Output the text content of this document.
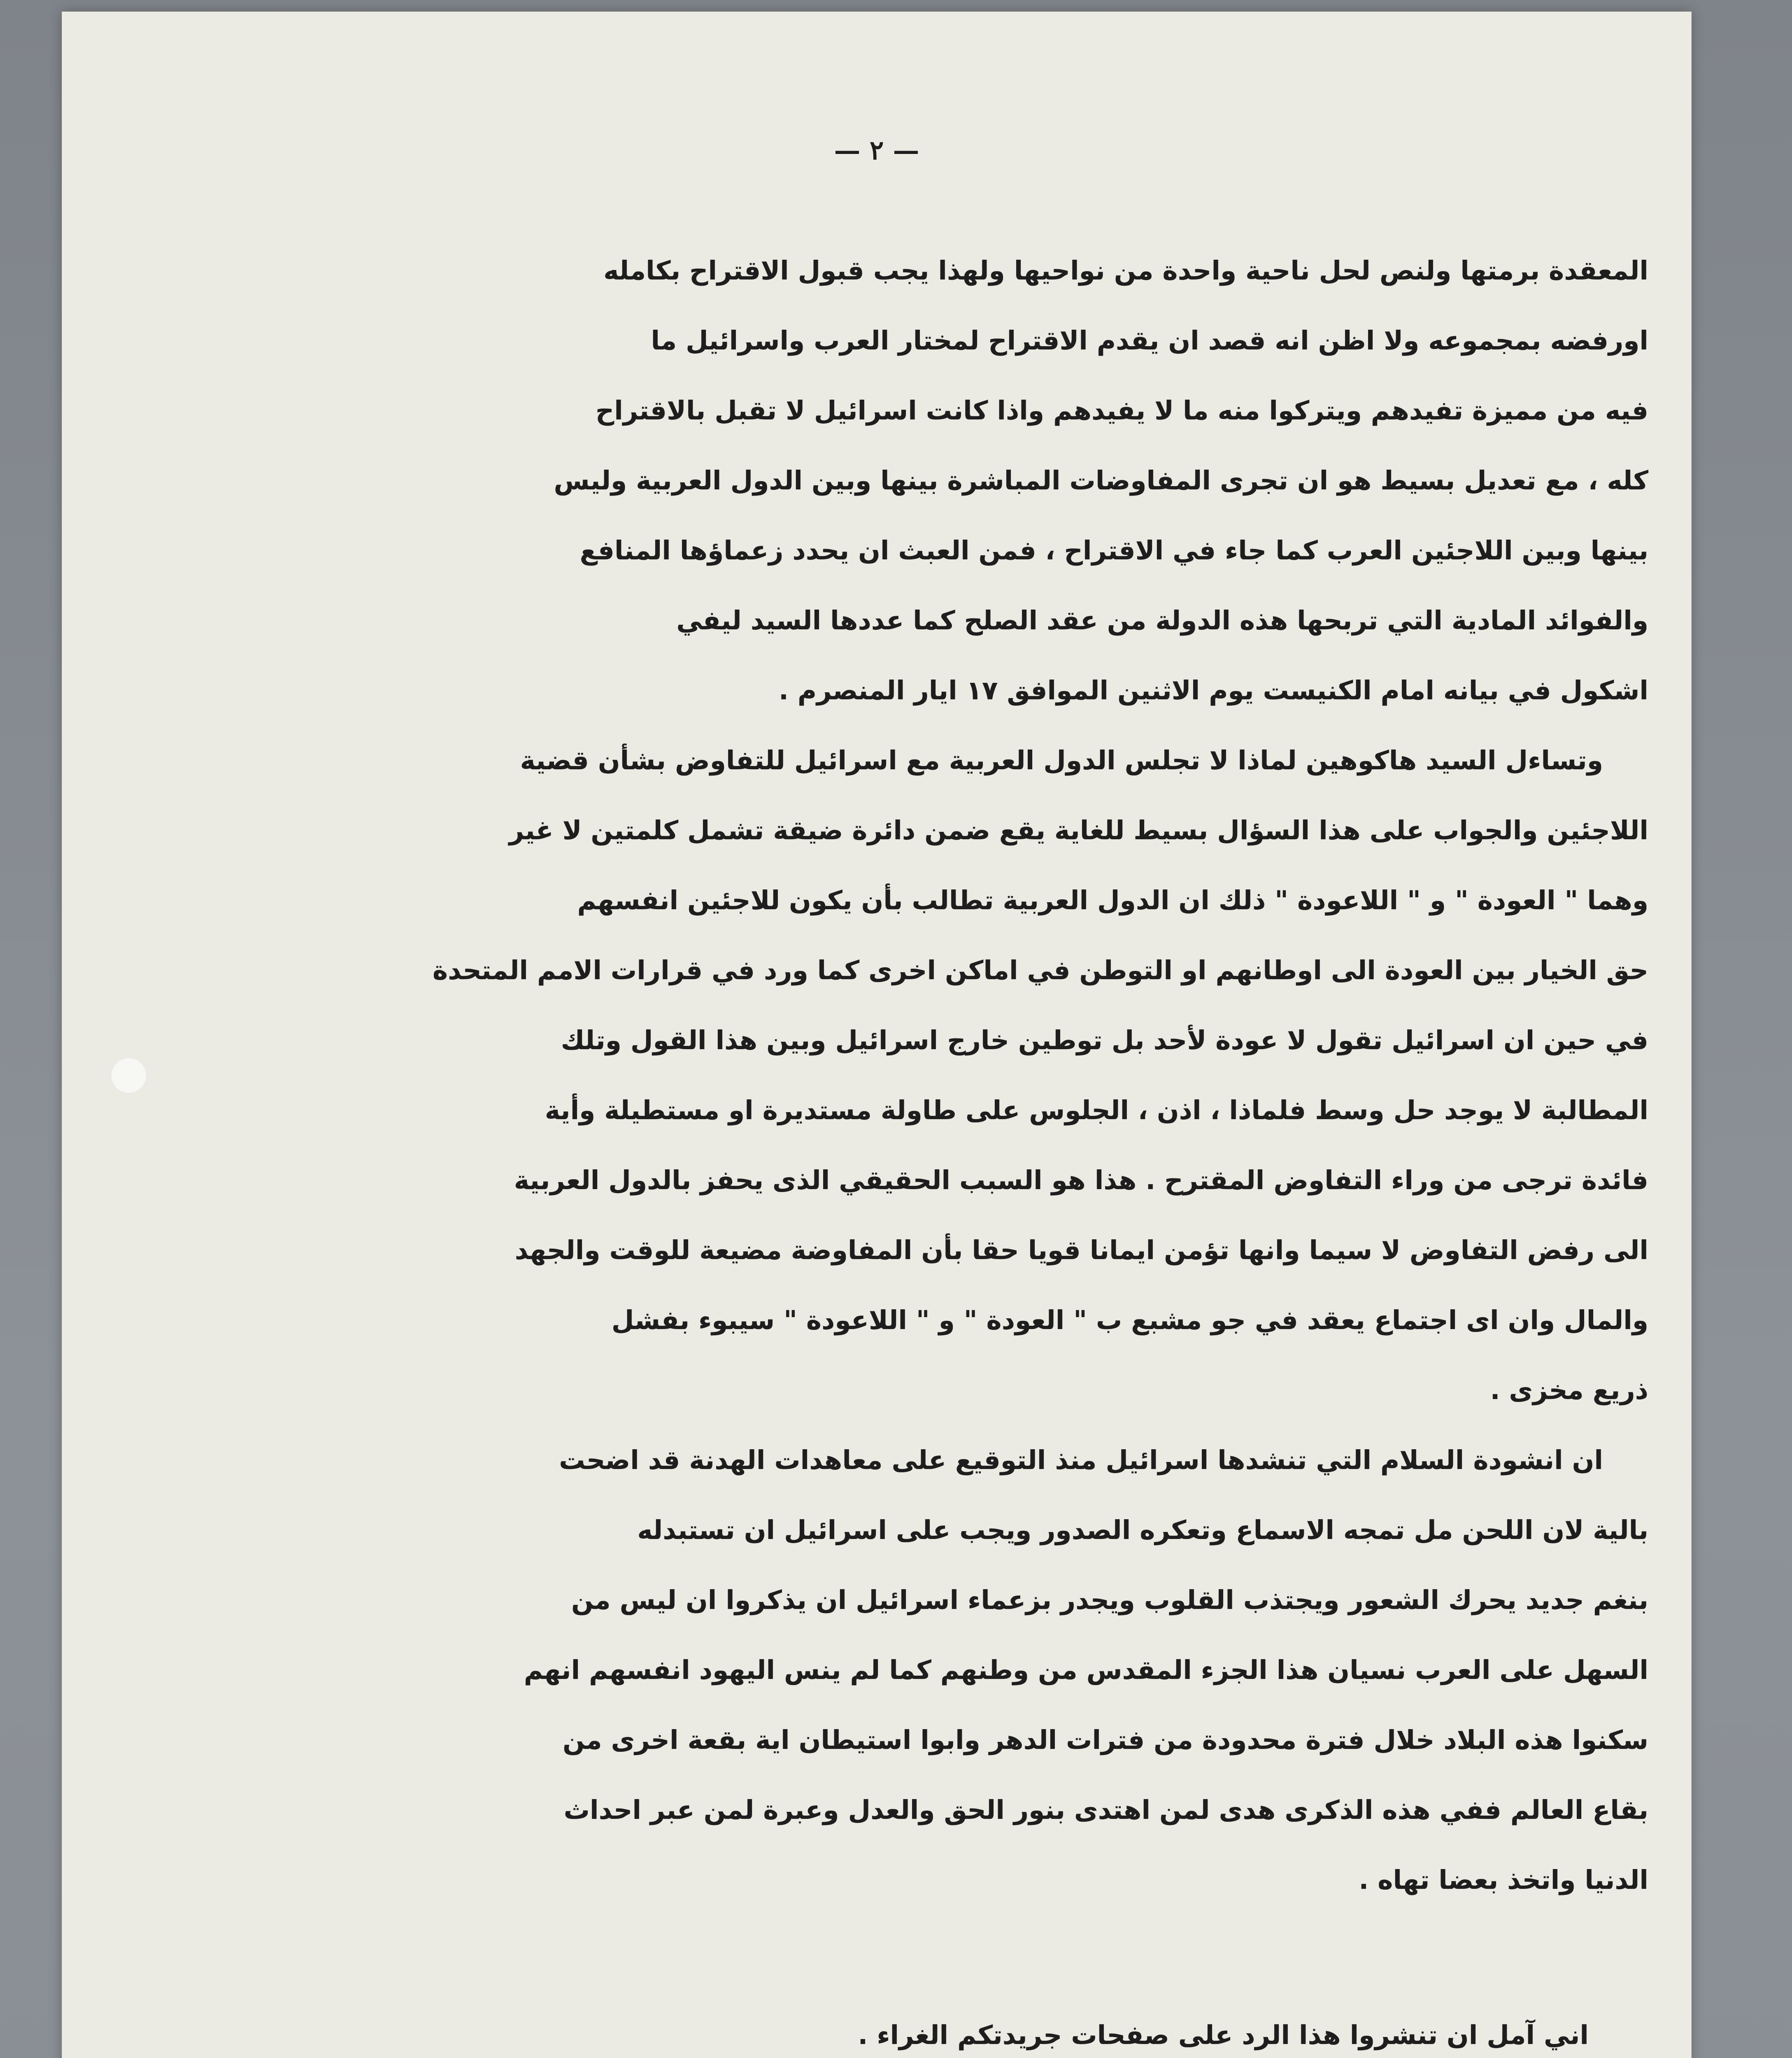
— ٢ —
المعقدة برمتها ولنص لحل ناحية واحدة من نواحيها ولهذا يجب قبول الاقتراح بكامله
اورفضه بمجموعه ولا اظن انه قصد ان يقدم الاقتراح لمختار العرب واسرائيل ما
فيه من مميزة تفيدهم ويتركوا منه ما لا يفيدهم واذا كانت اسرائيل لا تقبل بالاقتراح
كله ، مع تعديل بسيط هو ان تجرى المفاوضات المباشرة بينها وبين الدول العربية وليس
بينها وبين اللاجئين العرب كما جاء في الاقتراح ، فمن العبث ان يحدد زعماؤها المنافع
والفوائد المادية التي تربحها هذه الدولة من عقد الصلح كما عددها السيد ليفي
اشكول في بيانه امام الكنيست يوم الاثنين الموافق ١٧ ايار المنصرم .
وتساءل السيد هاكوهين لماذا لا تجلس الدول العربية مع اسرائيل للتفاوض بشأن قضية
اللاجئين والجواب على هذا السؤال بسيط للغاية يقع ضمن دائرة ضيقة تشمل كلمتين لا غير
وهما " العودة " و " اللاعودة " ذلك ان الدول العربية تطالب بأن يكون للاجئين انفسهم
حق الخيار بين العودة الى اوطانهم او التوطن في اماكن اخرى كما ورد في قرارات الامم المتحدة
في حين ان اسرائيل تقول لا عودة لأحد بل توطين خارج اسرائيل وبين هذا القول وتلك
المطالبة لا يوجد حل وسط فلماذا ، اذن ، الجلوس على طاولة مستديرة او مستطيلة وأية
فائدة ترجى من وراء التفاوض المقترح . هذا هو السبب الحقيقي الذى يحفز بالدول العربية
الى رفض التفاوض لا سيما وانها تؤمن ايمانا قويا حقا بأن المفاوضة مضيعة للوقت والجهد
والمال وان اى اجتماع يعقد في جو مشبع ب " العودة " و " اللاعودة " سيبوء بفشل
ذريع مخزى .
ان انشودة السلام التي تنشدها اسرائيل منذ التوقيع على معاهدات الهدنة قد اضحت
بالية لان اللحن مل تمجه الاسماع وتعكره الصدور ويجب على اسرائيل ان تستبدله
بنغم جديد يحرك الشعور ويجتذب القلوب ويجدر بزعماء اسرائيل ان يذكروا ان ليس من
السهل على العرب نسيان هذا الجزء المقدس من وطنهم كما لم ينس اليهود انفسهم انهم
سكنوا هذه البلاد خلال فترة محدودة من فترات الدهر وابوا استيطان اية بقعة اخرى من
بقاع العالم ففي هذه الذكرى هدى لمن اهتدى بنور الحق والعدل وعبرة لمن عبر احداث
الدنيا واتخذ بعضا تهاه .
اني آمل ان تنشروا هذا الرد على صفحات جريدتكم الغراء .
